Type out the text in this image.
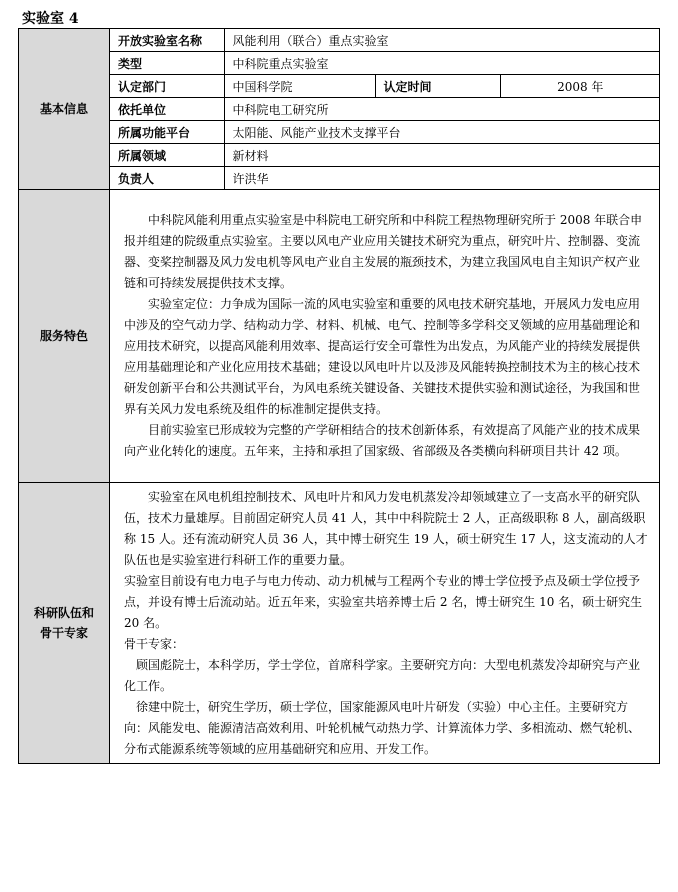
实验室 4
基本信息	
开放实验室名称	风能利用（联合）重点实验室
类型	中科院重点实验室
认定部门	中国科学院	认定时间	2008 年
依托单位	中科院电工研究所
所属功能平台	太阳能、风能产业技术支撑平台
所属领域	新材料
负责人	许洪华

服务特色	

中科院风能利用重点实验室是中科院电工研究所和中科院工程热物理研究所于 2008 年联合申报并组建的院级重点实验室。主要以风电产业应用关键技术研究为重点，研究叶片、控制器、变流器、变桨控制器及风力发电机等风电产业自主发展的瓶颈技术，为建立我国风电自主知识产权产业链和可持续发展提供技术支撑。

实验室定位：力争成为国际一流的风电实验室和重要的风电技术研究基地，开展风力发电应用中涉及的空气动力学、结构动力学、材料、机械、电气、控制等多学科交叉领域的应用基础理论和应用技术研究，以提高风能利用效率、提高运行安全可靠性为出发点，为风能产业的持续发展提供应用基础理论和产业化应用技术基础；建设以风电叶片以及涉及风能转换控制技术为主的核心技术研发创新平台和公共测试平台，为风电系统关键设备、关键技术提供实验和测试途径，为我国和世界有关风力发电系统及组件的标准制定提供支持。

目前实验室已形成较为完整的产学研相结合的技术创新体系，有效提高了风能产业的技术成果向产业化转化的速度。五年来，主持和承担了国家级、省部级及各类横向科研项目共计 42 项。

科研队伍和
骨干专家

实验室在风电机组控制技术、风电叶片和风力发电机蒸发冷却领域建立了一支高水平的研究队伍，技术力量雄厚。目前固定研究人员 41 人，其中中科院院士 2 人，正高级职称 8 人，副高级职称 15 人。还有流动研究人员 36 人，其中博士研究生 19 人，硕士研究生 17 人，这支流动的人才队伍也是实验室进行科研工作的重要力量。

实验室目前设有电力电子与电力传动、动力机械与工程两个专业的博士学位授予点及硕士学位授予点，并设有博士后流动站。近五年来，实验室共培养博士后 2 名，博士研究生 10 名，硕士研究生 20 名。

骨干专家：

顾国彪院士，本科学历，学士学位，首席科学家。主要研究方向：大型电机蒸发冷却研究与产业化工作。

徐建中院士，研究生学历，硕士学位，国家能源风电叶片研发（实验）中心主任。主要研究方向：风能发电、能源清洁高效利用、叶轮机械气动热力学、计算流体力学、多相流动、燃气轮机、分布式能源系统等领域的应用基础研究和应用、开发工作。
